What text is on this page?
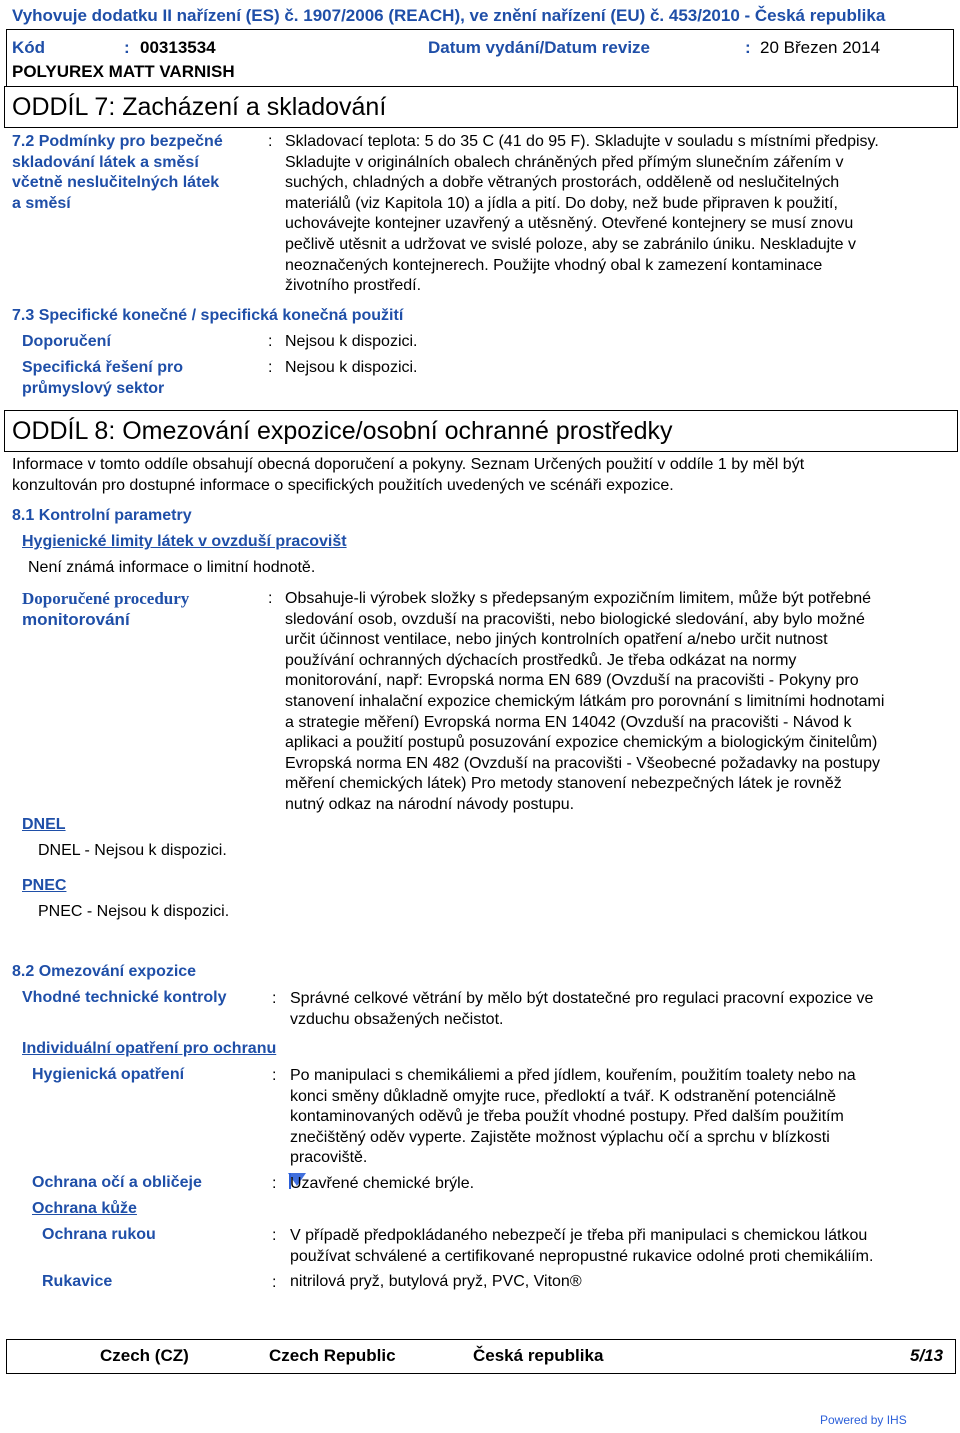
Vyhovuje dodatku II nařízení (ES) č. 1907/2006 (REACH), ve znění nařízení (EU) č. 453/2010 - Česká republika
Kód	: 00313534	Datum vydání/Datum revize	: 20 Březen 2014
POLYUREX MATT VARNISH
ODDÍL 7: Zacházení a skladování
7.2 Podmínky pro bezpečné
skladování látek a směsí
včetně neslučitelných látek
a směsí
: Skladovací teplota: 5 do 35 C (41 do 95 F). Skladujte v souladu s místními předpisy.
Skladujte v originálních obalech chráněných před přímým slunečním zářením v
suchých, chladných a dobře větraných prostorách, odděleně od neslučitelných
materiálů (viz Kapitola 10) a jídla a pití. Do doby, než bude připraven k použití,
uchovávejte kontejner uzavřený a utěsněný. Otevřené kontejnery se musí znovu
pečlivě utěsnit a udržovat ve svislé poloze, aby se zabránilo úniku. Neskladujte v
neoznačených kontejnerech. Použijte vhodný obal k zamezení kontaminace
životního prostředí.
7.3 Specifické konečné / specifická konečná použití
Doporučení	: Nejsou k dispozici.
Specifická řešení pro
průmyslový sektor
: Nejsou k dispozici.
ODDÍL 8: Omezování expozice/osobní ochranné prostředky
Informace v tomto oddíle obsahují obecná doporučení a pokyny. Seznam Určených použití v oddíle 1 by měl být
konzultován pro dostupné informace o specifických použitích uvedených ve scénáři expozice.
8.1 Kontrolní parametry
Hygienické limity látek v ovzduší pracovišt
Není známá informace o limitní hodnotě.
Doporučené procedury
monitorování
: Obsahuje-li výrobek složky s předepsaným expozičním limitem, může být potřebné
sledování osob, ovzduší na pracovišti, nebo biologické sledování, aby bylo možné
určit účinnost ventilace, nebo jiných kontrolních opatření a/nebo určit nutnost
používání ochranných dýchacích prostředků. Je třeba odkázat na normy
monitorování, např: Evropská norma EN 689 (Ovzduší na pracovišti - Pokyny pro
stanovení inhalační expozice chemickým látkám pro porovnání s limitními hodnotami
a strategie měření) Evropská norma EN 14042 (Ovzduší na pracovišti - Návod k
aplikaci a použití postupů posuzování expozice chemickým a biologickým činitelům)
Evropská norma EN 482 (Ovzduší na pracovišti - Všeobecné požadavky na postupy
měření chemických látek) Pro metody stanovení nebezpečných látek je rovněž
nutný odkaz na národní návody postupu.
DNEL
DNEL - Nejsou k dispozici.
PNEC
PNEC - Nejsou k dispozici.
8.2 Omezování expozice
Vhodné technické kontroly	: Správné celkové větrání by mělo být dostatečné pro regulaci pracovní expozice ve
vzduchu obsažených nečistot.
Individuální opatření pro ochranu
Hygienická opatření	: Po manipulaci s chemikáliemi a před jídlem, kouřením, použitím toalety nebo na
konci směny důkladně omyjte ruce, předloktí a tvář. K odstranění potenciálně
kontaminovaných oděvů je třeba použít vhodné postupy. Před dalším použitím
znečištěný oděv vyperte. Zajistěte možnost výplachu očí a sprchu v blízkosti
pracoviště.
Ochrana očí a obličeje	: Uzavřené chemické brýle.
Ochrana kůže
Ochrana rukou	: V případě předpokládaného nebezpečí je třeba při manipulaci s chemickou látkou
používat schválené a certifikované nepropustné rukavice odolné proti chemikáliím.
Rukavice	: nitrilová pryž, butylová pryž, PVC, Viton®
Czech (CZ)	Czech Republic	Česká republika	5/13
Powered by IHS
